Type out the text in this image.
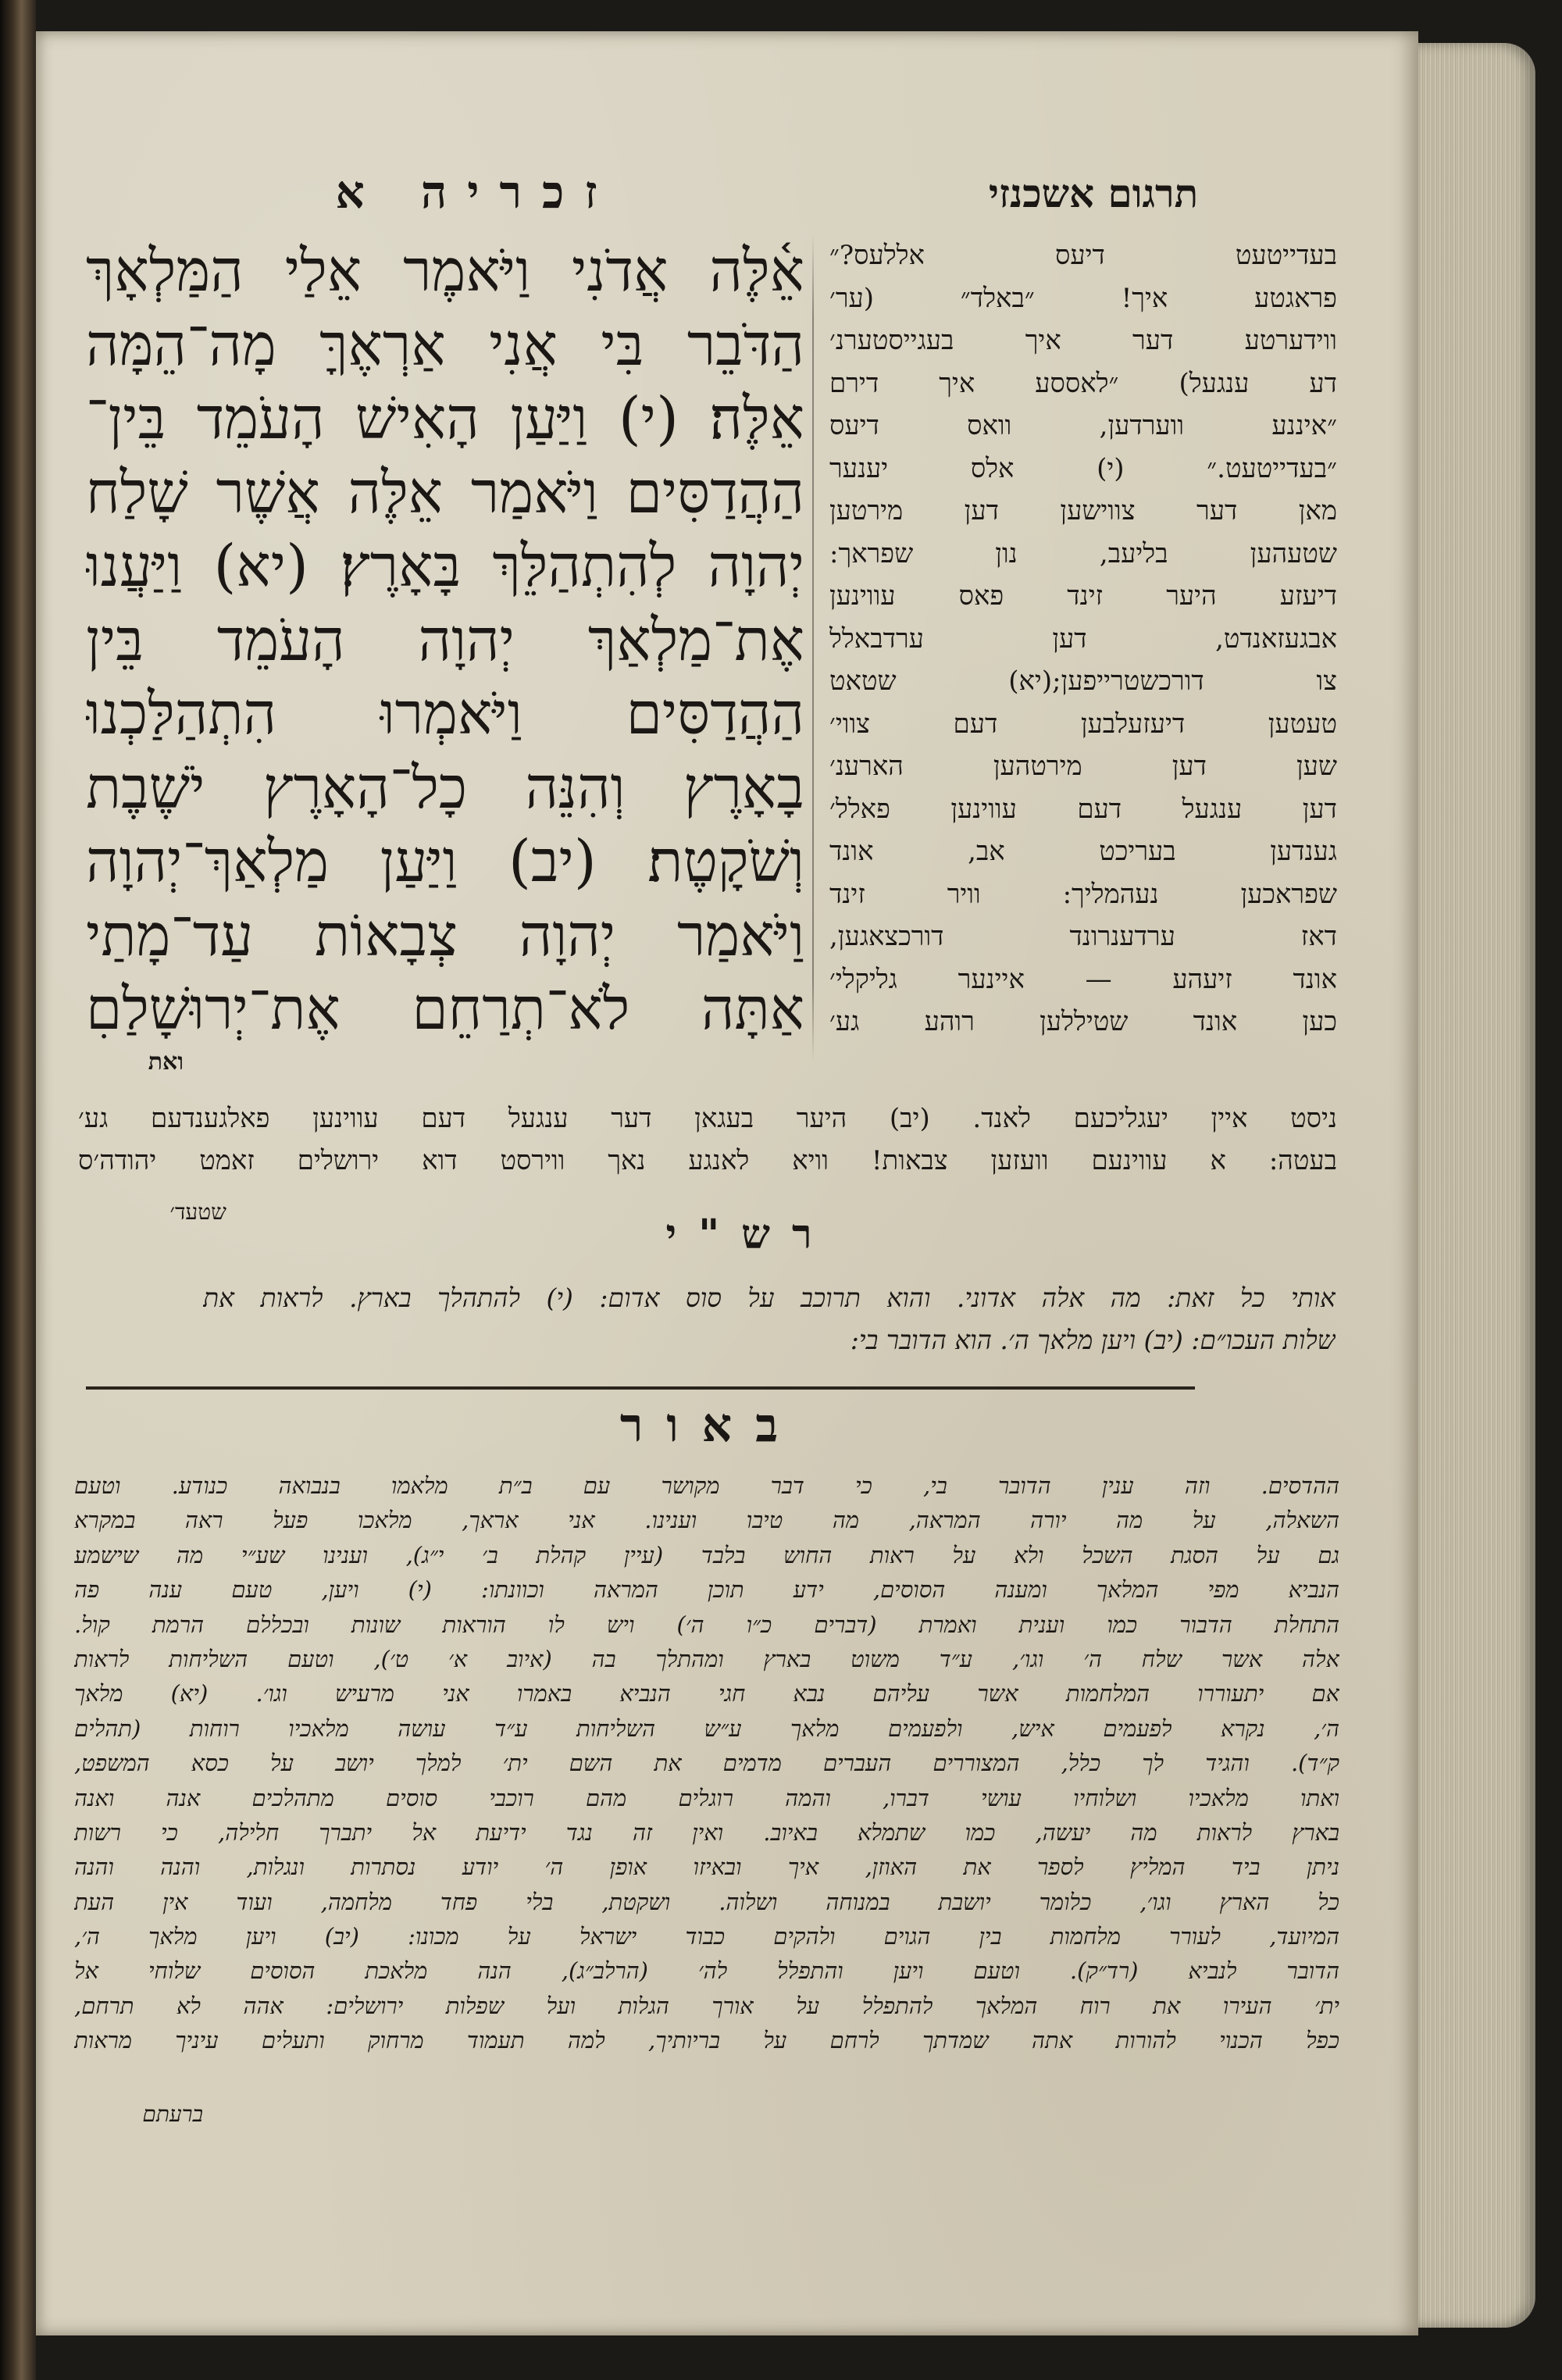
זכריה א	תרגום אשכנזי
אֵ֫לֶּה אֲדֹנִי וַיֹּאמֶר אֵלַי הַמַּלְאָךְ
הַדֹּבֵר בִּי אֲנִי אַרְאֶךָּ מָה־הֵמָּה
אֵלֶּה׃ (י) וַיַּעַן הָאִישׁ הָעֹמֵד בֵּין־
הַהֲדַסִּים וַיֹּאמַר אֵלֶּה אֲשֶׁר שָׁלַח
יְהוָה לְהִתְהַלֵּךְ בָּאָרֶץ׃ (יא) וַיַּעֲנוּ
אֶת־מַלְאַךְ יְהוָה הָעֹמֵד בֵּין
הַהֲדַסִּים וַיֹּאמְרוּ הִתְהַלַּכְנוּ
בָאָרֶץ וְהִנֵּה כָל־הָאָרֶץ יֹשֶׁבֶת
וְשֹׁקָטֶת׃ (יב) וַיַּעַן מַלְאַךְ־יְהוָה
וַיֹּאמַר יְהוָה צְבָאוֹת עַד־מָתַי
אַתָּה לֹא־תְרַחֵם אֶת־יְרוּשָׁלַםִ
ואת
בעדייטעט דיעס אללעס?״
פראגטע איך! ״באלד״ (ער׳
ווידערטע דער איך בעגייסטערנ׳
דע ענגעל) ״לאססע איך דירם
״איננע ווערדען, וואס דיעס
״בעדייטעט.״ (י) אלס יענער
מאן דער צווישען דען מירטען
שטעהען בליעב, נון שפראך:
דיעזע היער זינד פאס עווינען
אבגעזאנדט, דען ערדבאלל
צו דורכשטרייפען;(יא) שטאט
טעטען דיעזעלבען דעם צווי׳
שען דען מירטהען הארענ׳
דען ענגעל דעם עווינען פאלל׳
גענדען בעריכט אב, אונד
שפראכען נעהמליך: וויר זינד
דאז ערדענרונד דורכצאגען,
אונד זיעהע — איינער גליקלי׳
כען אונד שטיללען רוהע גע׳
ניסט איין יעגליכעם לאנד. (יב) היער בעגאן דער ענגעל דעם עווינען פאלגענדעם גע׳
בעטה: א עווינעם וועזען צבאות! וויא לאנגע נאך ווירסט דוא ירושלים זאמט יהודה׳ס
שטעד׳	רש"י
אותי כל זאת: מה אלה אדוני. והוא תרוכב על סוס אדום: (י) להתהלך בארץ. לראות את
שלות העכו״ם: (יב) ויען מלאך ה׳. הוא הדובר בי:
באור
ההדסים. וזה ענין הדובר בי, כי דבר מקושר עם ב״ת מלאמו בנבואה כנודע. וטעם
השאלה, על מה יורה המראה, מה טיבו וענינו. אני אראך, מלאכו פעל ראה במקרא
גם על הסגת השכל ולא על ראות החוש בלבד (עיין קהלת ב׳ י״ג), וענינו שע״י מה שישמע
הנביא מפי המלאך ומענה הסוסים, ידע תוכן המראה וכוונתו: (י) ויען, טעם ענה פה
התחלת הדבור כמו וענית ואמרת (דברים כ״ו ה׳) ויש לו הוראות שונות ובכללם הרמת קול.
אלה אשר שלח ה׳ וגו׳, ע״ד משוט בארץ ומהתלך בה (איוב א׳ ט׳), וטעם השליחות לראות
אם יתעוררו המלחמות אשר עליהם נבא חגי הנביא באמרו אני מרעיש וגו׳. (יא) מלאך
ה׳, נקרא לפעמים איש, ולפעמים מלאך ע״ש השליחות ע״ד עושה מלאכיו רוחות (תהלים
ק״ד). והגיד לך כלל, המצוררים העברים מדמים את השם ית׳ למלך יושב על כסא המשפט,
ואתו מלאכיו ושלוחיו עושי דברו, והמה רוגלים מהם רוכבי סוסים מתהלכים אנה ואנה
בארץ לראות מה יעשה, כמו שתמלא באיוב. ואין זה נגד ידיעת אל יתברך חלילה, כי רשות
ניתן ביד המליץ לספר את האוזן, איך ובאיזו אופן ה׳ יודע נסתרות ונגלות, והנה והנה
כל הארץ וגו׳, כלומר יושבת במנוחה ושלוה. ושקטת, בלי פחד מלחמה, ועוד אין העת
המיועד, לעורר מלחמות בין הגוים ולהקים כבוד ישראל על מכונו: (יב) ויען מלאך ה׳,
הדובר לנביא (רד״ק). וטעם ויען והתפלל לה׳ (הרלב״ג), הנה מלאכת הסוסים שלוחי אל
ית׳ העירו את רוח המלאך להתפלל על אורך הגלות ועל שפלות ירושלים: אהה לא תרחם,
כפל הכנוי להורות אתה שמדתך לרחם על בריותיך, למה תעמוד מרחוק ותעלים עיניך מראות
ברעתם
